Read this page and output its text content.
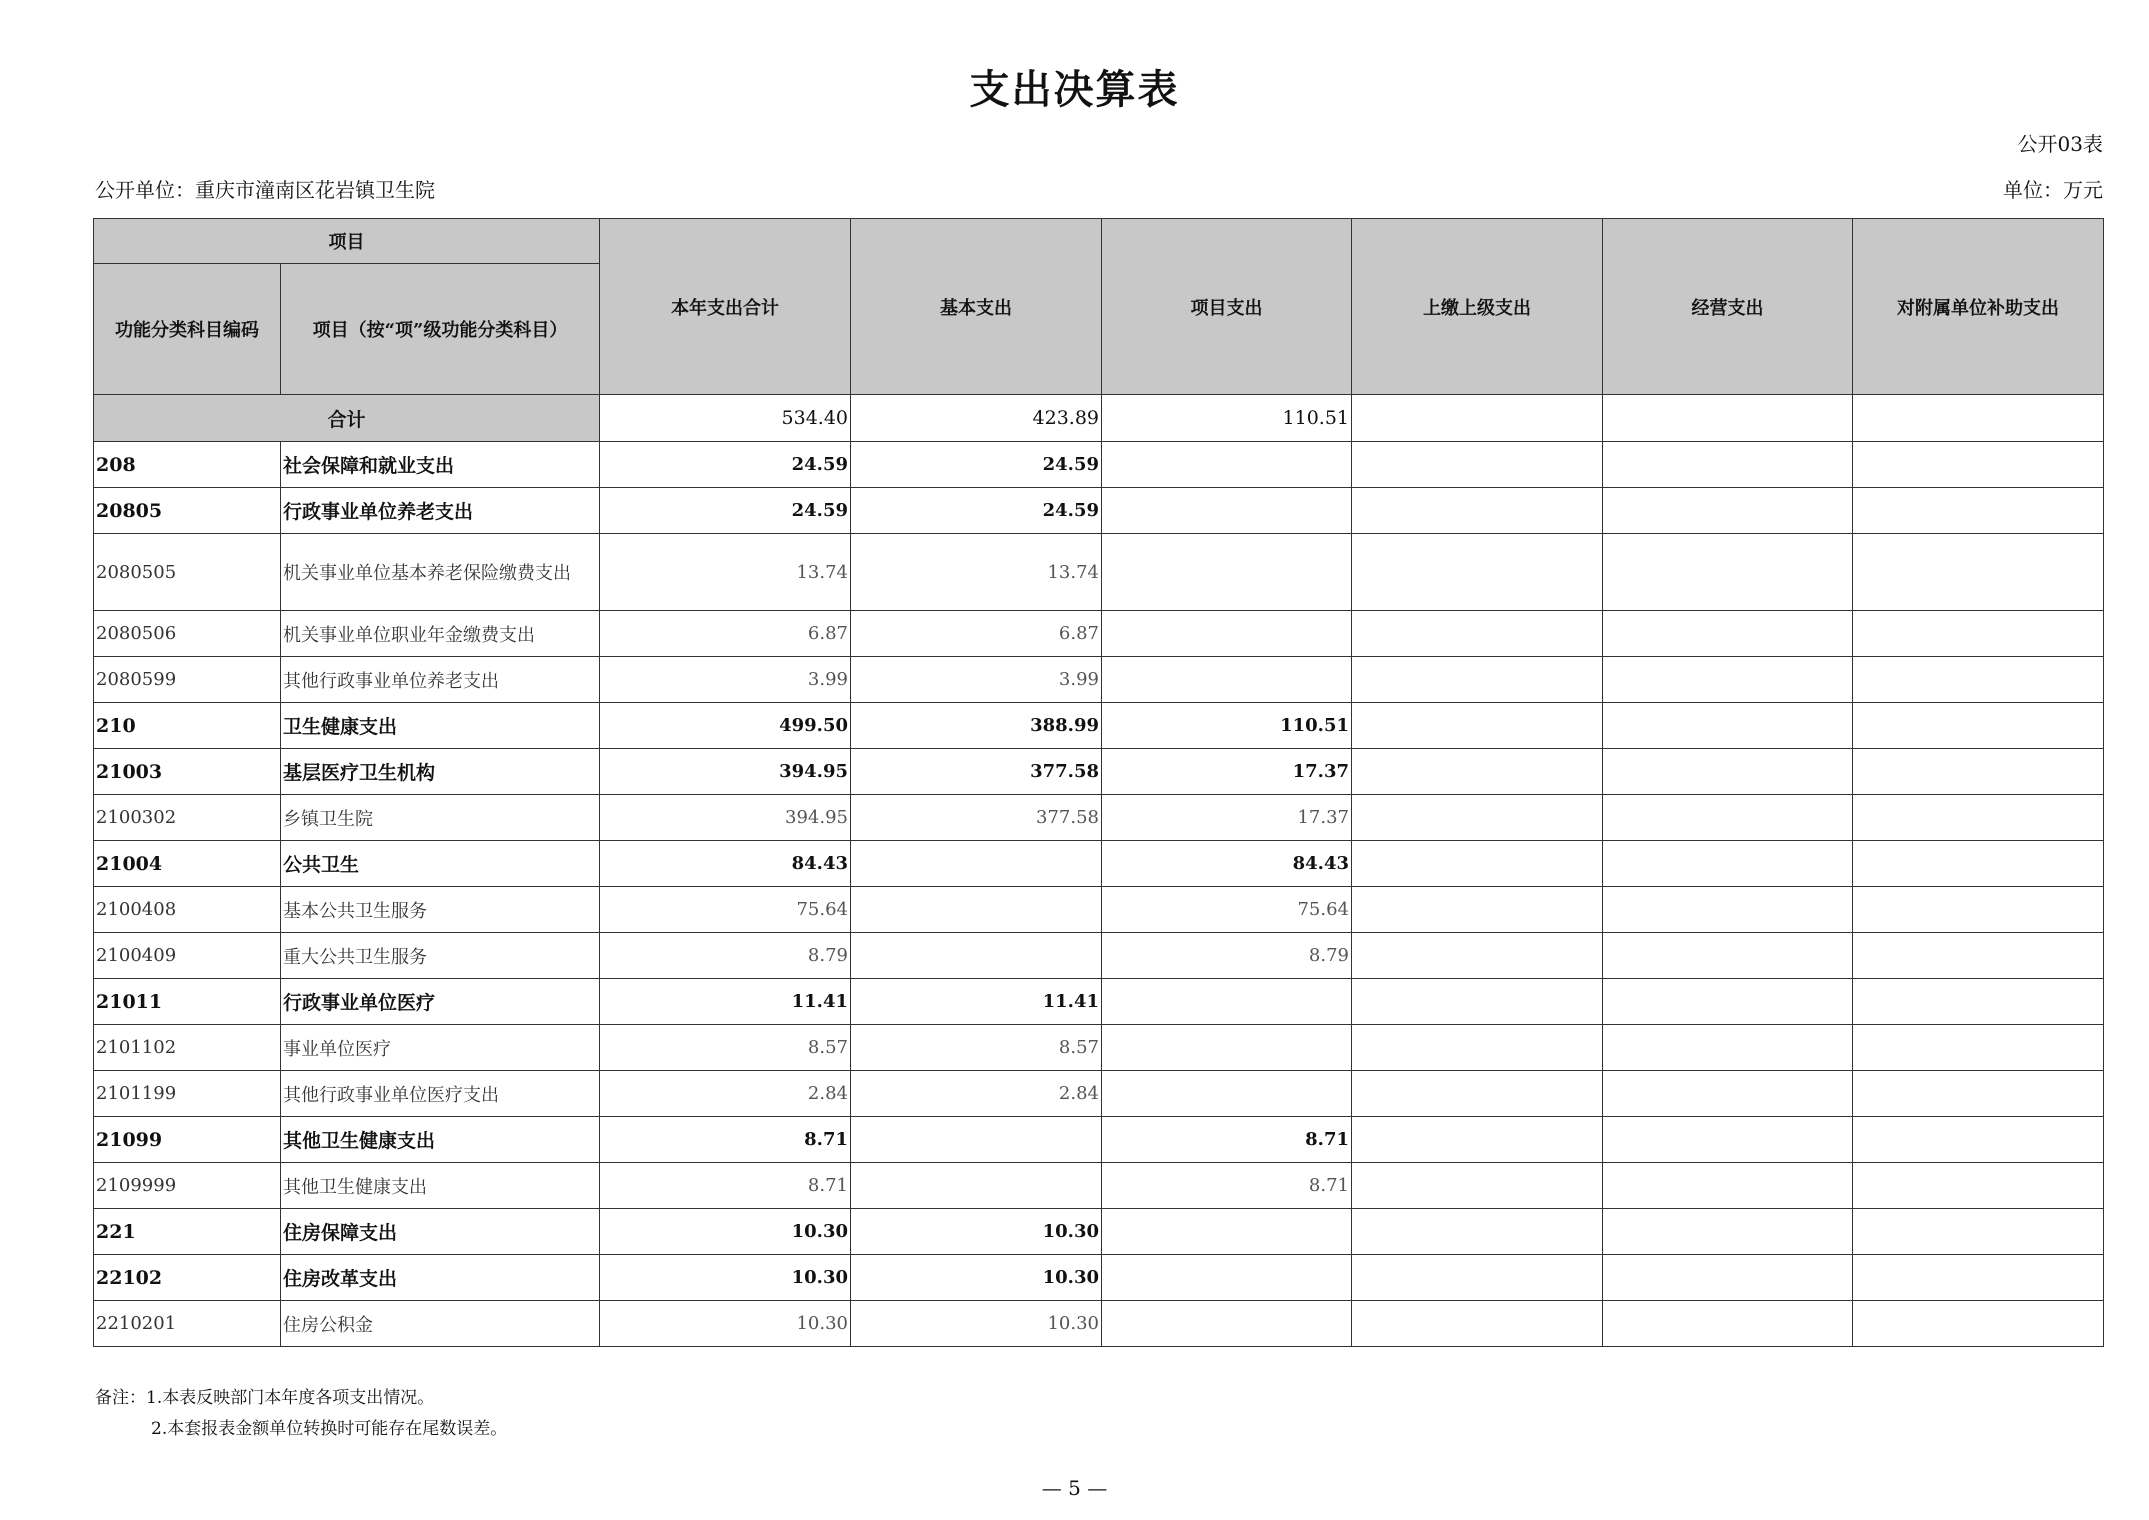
支出决算表
公开03表
公开单位：重庆市潼南区花岩镇卫生院	单位：万元
项目		本年支出合计	基本支出	项目支出	上缴上级支出	经营支出	对附属单位补助支出
功能分类科目编码	项目（按“项”级功能分类科目）						
合计		534.40	423.89	110.51			
208	社会保障和就业支出	24.59	24.59				
20805	行政事业单位养老支出	24.59	24.59				
2080505	机关事业单位基本养老保险缴费支出	13.74	13.74				
2080506	机关事业单位职业年金缴费支出	6.87	6.87				
2080599	其他行政事业单位养老支出	3.99	3.99				
210	卫生健康支出	499.50	388.99	110.51			
21003	基层医疗卫生机构	394.95	377.58	17.37			
2100302	乡镇卫生院	394.95	377.58	17.37			
21004	公共卫生	84.43		84.43			
2100408	基本公共卫生服务	75.64		75.64			
2100409	重大公共卫生服务	8.79		8.79			
21011	行政事业单位医疗	11.41	11.41				
2101102	事业单位医疗	8.57	8.57				
2101199	其他行政事业单位医疗支出	2.84	2.84				
21099	其他卫生健康支出	8.71		8.71			
2109999	其他卫生健康支出	8.71		8.71			
221	住房保障支出	10.30	10.30				
22102	住房改革支出	10.30	10.30				
2210201	住房公积金	10.30	10.30				
备注：1.本表反映部门本年度各项支出情况。
2.本套报表金额单位转换时可能存在尾数误差。
— 5 —
